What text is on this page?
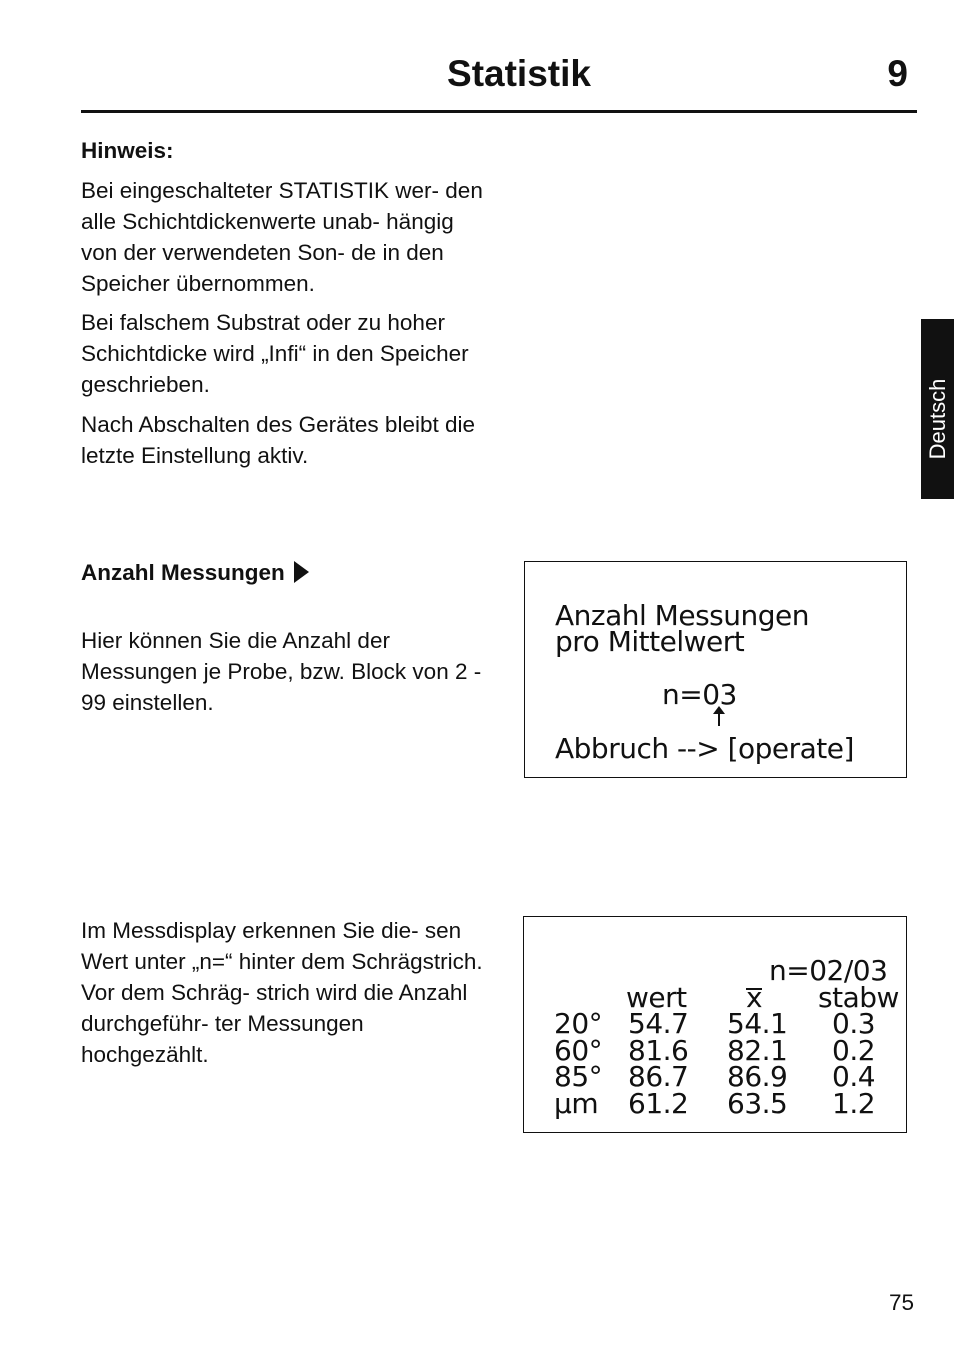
Statistik	9
Deutsch
Hinweis:
Bei eingeschalteter STATISTIK wer- den alle Schichtdickenwerte unab- hängig von der verwendeten Son- de in den Speicher übernommen.
Bei falschem Substrat oder zu hoher Schichtdicke wird „Infi“ in den Speicher geschrieben.
Nach Abschalten des Gerätes bleibt die letzte Einstellung aktiv.
Anzahl Messungen
Hier können Sie die Anzahl der Messungen je Probe, bzw. Block von 2 - 99 einstellen.
Im Messdisplay erkennen Sie die- sen Wert unter „n=“ hinter dem Schrägstrich. Vor dem Schräg- strich wird die Anzahl durchgeführ- ter Messungen hochgezählt.
Anzahl Messungen
pro Mittelwert
n=03
Abbruch --> [operate]
n=02/03
wert x stabw
20° 54.7 54.1 0.3
60° 81.6 82.1 0.2
85° 86.7 86.9 0.4
µm 61.2 63.5 1.2
75
